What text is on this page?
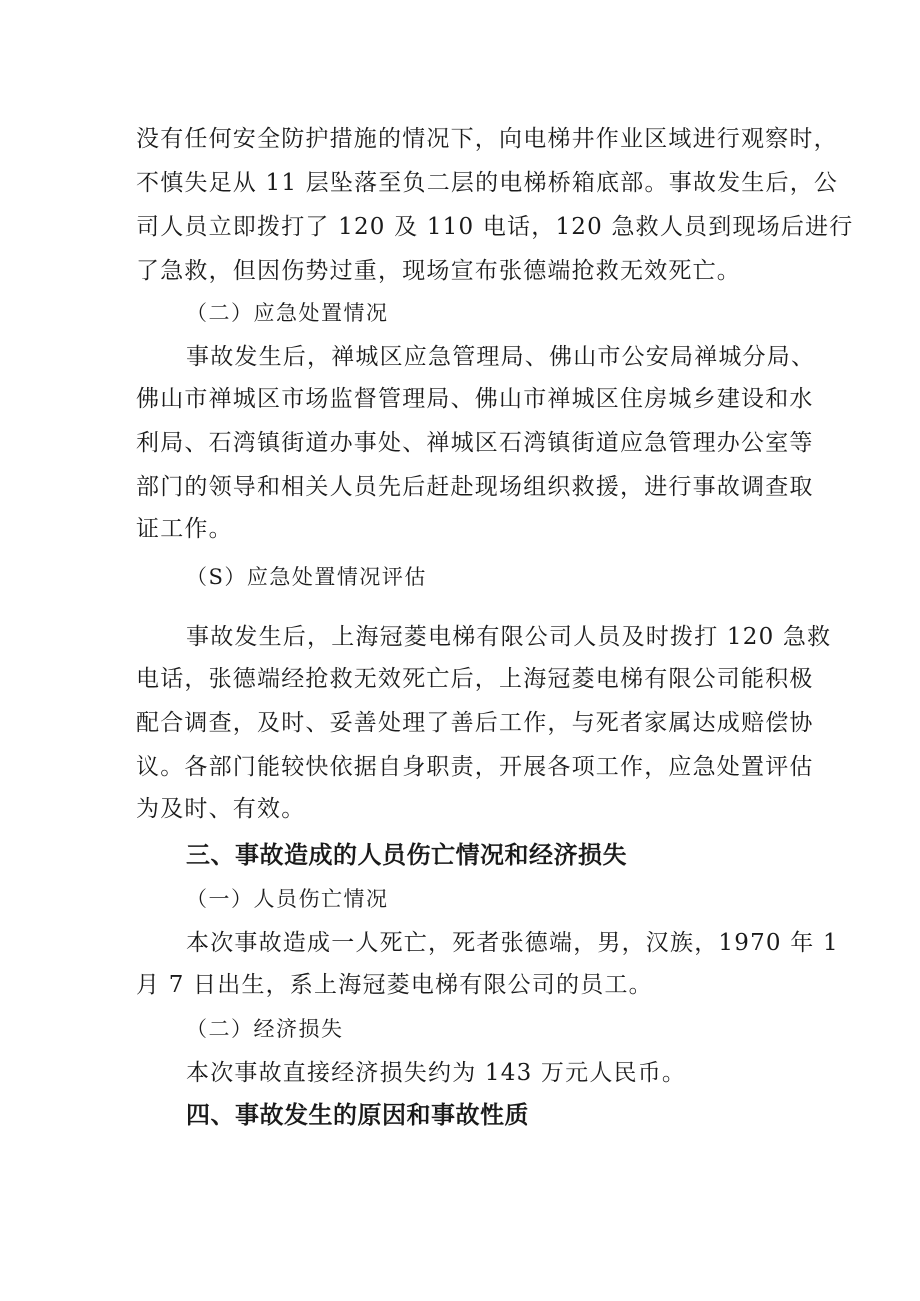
没有任何安全防护措施的情况下，向电梯井作业区域进行观察时，
不慎失足从 11 层坠落至负二层的电梯桥箱底部。事故发生后，公
司人员立即拨打了 120 及 110 电话，120 急救人员到现场后进行
了急救，但因伤势过重，现场宣布张德端抢救无效死亡。
（二）应急处置情况
事故发生后，禅城区应急管理局、佛山市公安局禅城分局、
佛山市禅城区市场监督管理局、佛山市禅城区住房城乡建设和水
利局、石湾镇街道办事处、禅城区石湾镇街道应急管理办公室等
部门的领导和相关人员先后赶赴现场组织救援，进行事故调查取
证工作。
（S）应急处置情况评估
事故发生后，上海冠菱电梯有限公司人员及时拨打 120 急救
电话，张德端经抢救无效死亡后，上海冠菱电梯有限公司能积极
配合调查，及时、妥善处理了善后工作，与死者家属达成赔偿协
议。各部门能较快依据自身职责，开展各项工作，应急处置评估
为及时、有效。
三、事故造成的人员伤亡情况和经济损失
（一）人员伤亡情况
本次事故造成一人死亡，死者张德端，男，汉族，1970 年 1
月 7 日出生，系上海冠菱电梯有限公司的员工。
（二）经济损失
本次事故直接经济损失约为 143 万元人民币。
四、事故发生的原因和事故性质
